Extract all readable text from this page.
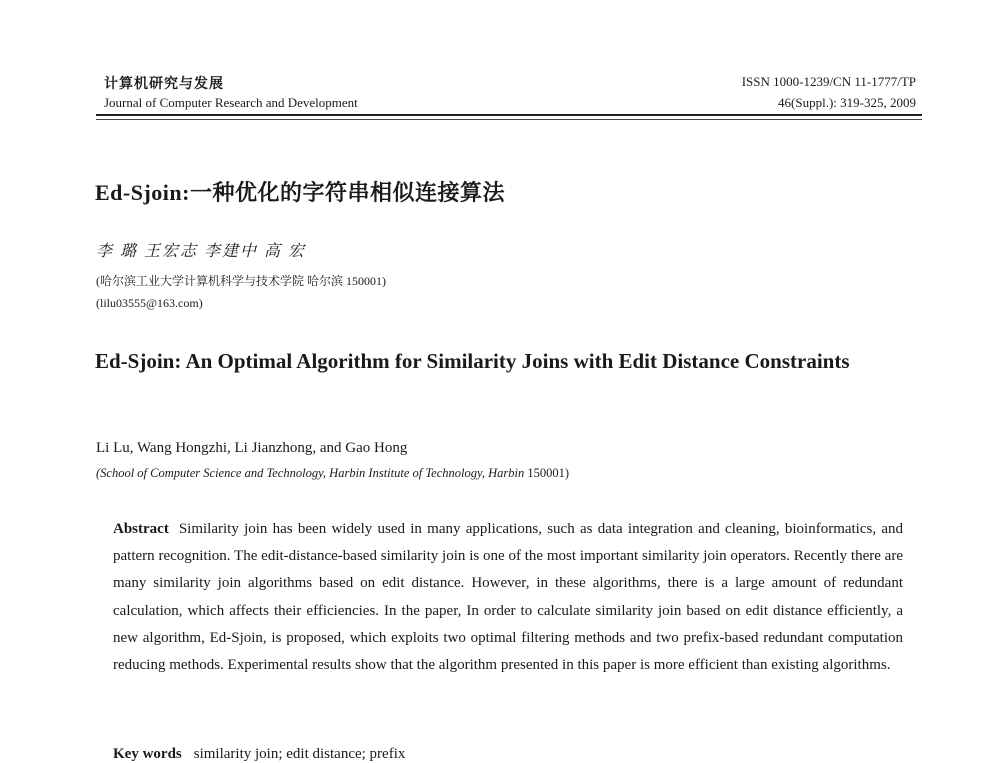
计算机研究与发展
Journal of Computer Research and Development
ISSN 1000-1239/CN 11-1777/TP
46(Suppl.): 319-325, 2009
Ed-Sjoin:一种优化的字符串相似连接算法
李 璐 王宏志 李建中 高 宏
(哈尔滨工业大学计算机科学与技术学院 哈尔滨 150001)
(lilu03555@163.com)
Ed-Sjoin: An Optimal Algorithm for Similarity Joins with Edit Distance Constraints
Li Lu, Wang Hongzhi, Li Jianzhong, and Gao Hong
(School of Computer Science and Technology, Harbin Institute of Technology, Harbin 150001)
Abstract Similarity join has been widely used in many applications, such as data integration and cleaning, bioinformatics, and pattern recognition. The edit-distance-based similarity join is one of the most important similarity join operators. Recently there are many similarity join algorithms based on edit distance. However, in these algorithms, there is a large amount of redundant calculation, which affects their efficiencies. In the paper, In order to calculate similarity join based on edit distance efficiently, a new algorithm, Ed-Sjoin, is proposed, which exploits two optimal filtering methods and two prefix-based redundant computation reducing methods. Experimental results show that the algorithm presented in this paper is more efficient than existing algorithms.
Key words similarity join; edit distance; prefix
